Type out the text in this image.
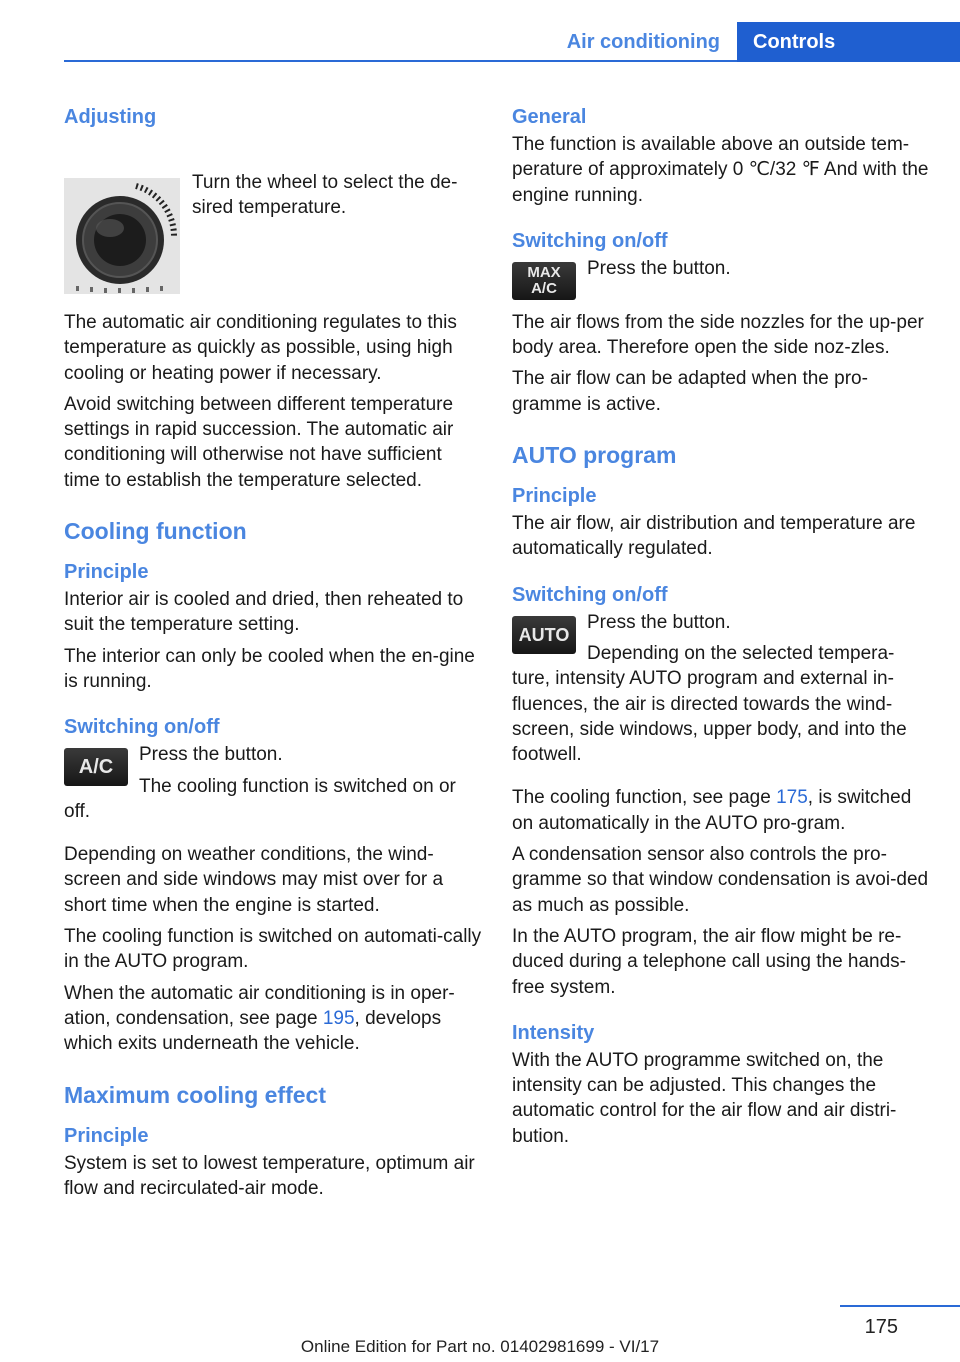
Air conditioning	Controls
Adjusting

Turn the wheel to select the de-sired temperature.

The automatic air conditioning regulates to this temperature as quickly as possible, using high cooling or heating power if necessary.

Avoid switching between different temperature settings in rapid succession. The automatic air conditioning will otherwise not have sufficient time to establish the temperature selected.

Cooling function
Principle

Interior air is cooled and dried, then reheated to suit the temperature setting.

The interior can only be cooled when the en-gine is running.

Switching on/off
A/C

Press the button.

The cooling function is switched on or off.

Depending on weather conditions, the wind-screen and side windows may mist over for a short time when the engine is started.

The cooling function is switched on automati-cally in the AUTO program.

When the automatic air conditioning is in oper-ation, condensation, see page 195, develops which exits underneath the vehicle.

Maximum cooling effect
Principle

System is set to lowest temperature, optimum air flow and recirculated-air mode.

General

The function is available above an outside tem-perature of approximately 0 ℃/32 ℉ And with the engine running.

Switching on/off
MAX
A/C

Press the button.

The air flows from the side nozzles for the up-per body area. Therefore open the side noz-zles.

The air flow can be adapted when the pro-gramme is active.

AUTO program
Principle

The air flow, air distribution and temperature are automatically regulated.

Switching on/off
AUTO

Press the button.

Depending on the selected tempera-ture, intensity AUTO program and external in-fluences, the air is directed towards the wind-screen, side windows, upper body, and into the footwell.

The cooling function, see page 175, is switched on automatically in the AUTO pro-gram.

A condensation sensor also controls the pro-gramme so that window condensation is avoi-ded as much as possible.

In the AUTO program, the air flow might be re-duced during a telephone call using the hands-free system.

Intensity

With the AUTO programme switched on, the intensity can be adjusted. This changes the automatic control for the air flow and air distri-bution.

175
Online Edition for Part no. 01402981699 - VI/17
